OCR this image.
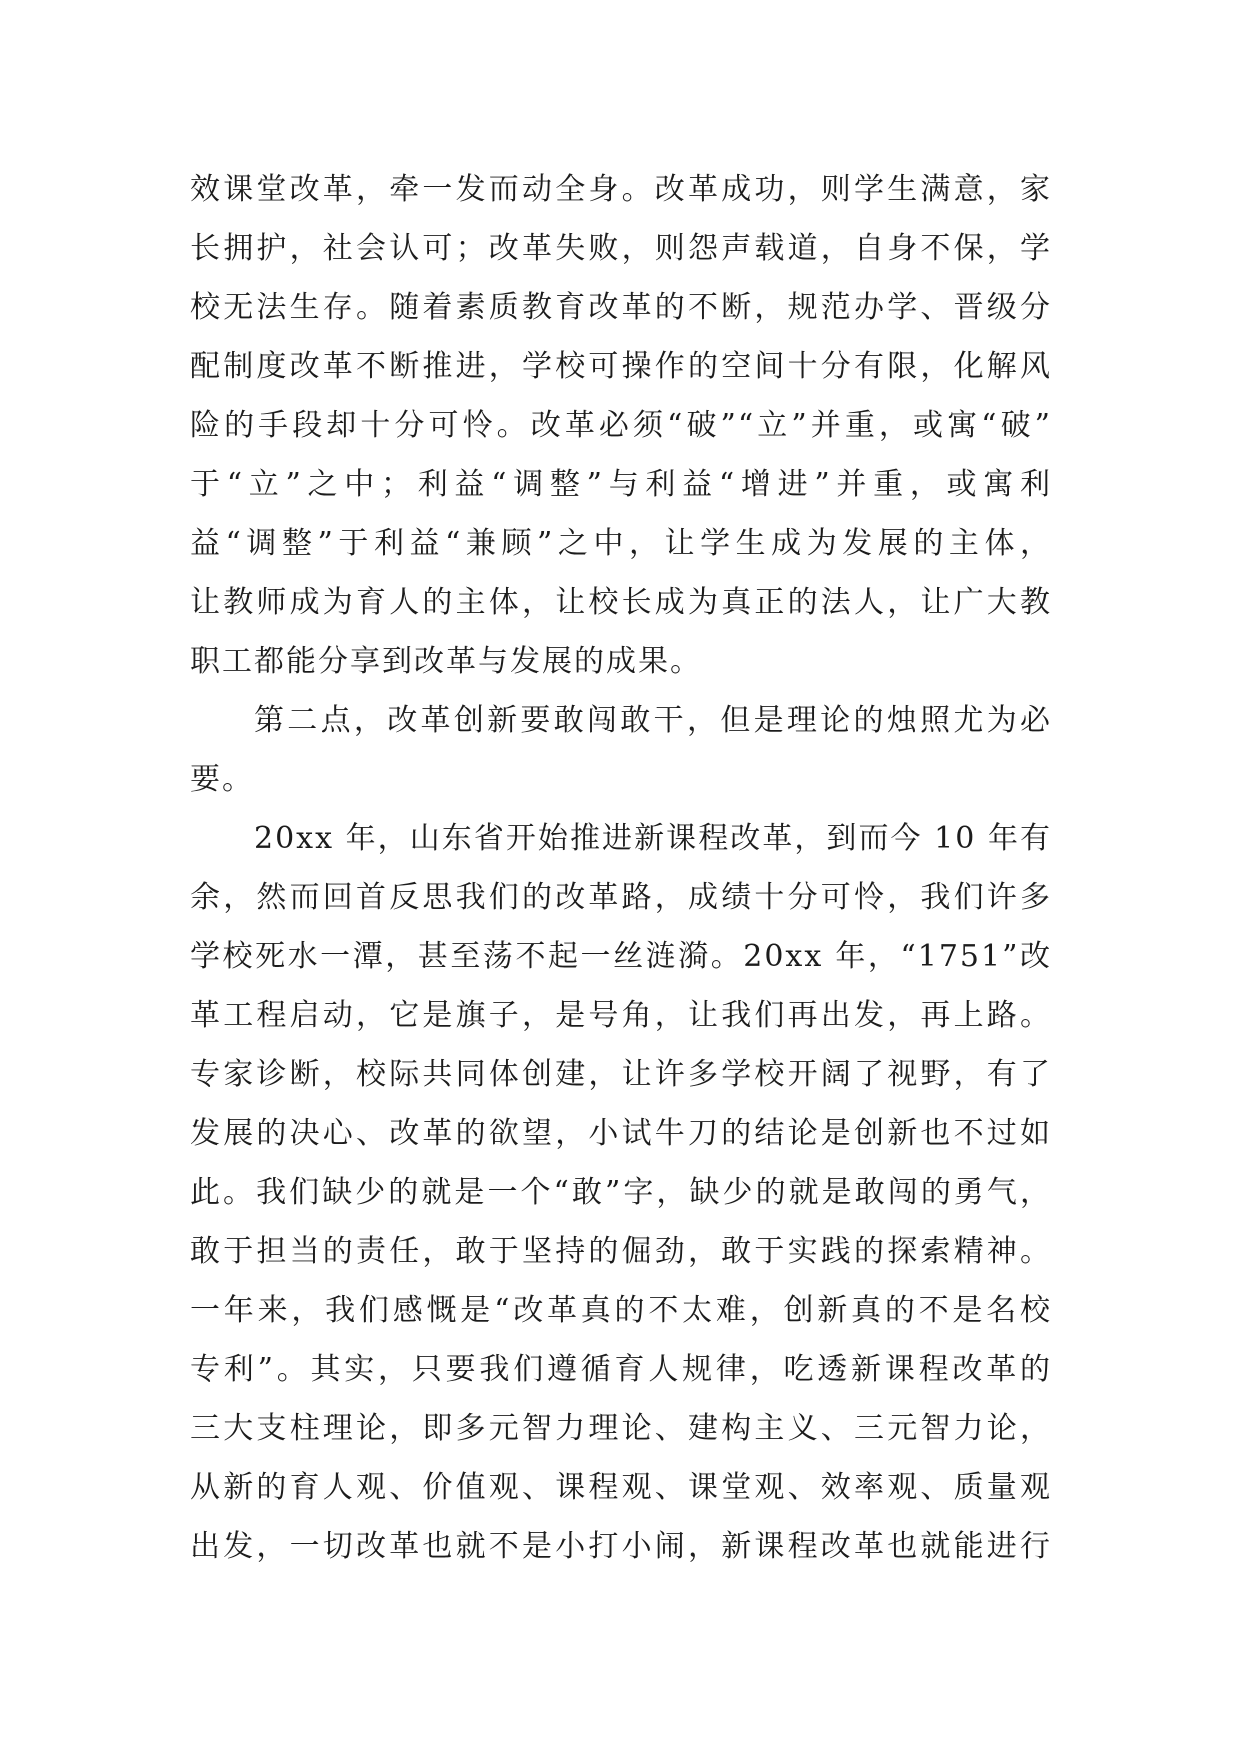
效课堂改革，牵一发而动全身。改革成功，则学生满意，家
长拥护，社会认可；改革失败，则怨声载道，自身不保，学
校无法生存。随着素质教育改革的不断，规范办学、晋级分
配制度改革不断推进，学校可操作的空间十分有限，化解风
险的手段却十分可怜。改革必须“破”“立”并重，或寓“破”
于“立”之中；利益“调整”与利益“增进”并重，或寓利
益“调整”于利益“兼顾”之中，让学生成为发展的主体，
让教师成为育人的主体，让校长成为真正的法人，让广大教
职工都能分享到改革与发展的成果。
第二点，改革创新要敢闯敢干，但是理论的烛照尤为必
要。
20xx 年，山东省开始推进新课程改革，到而今 10 年有
余，然而回首反思我们的改革路，成绩十分可怜，我们许多
学校死水一潭，甚至荡不起一丝涟漪。20xx 年，“1751”改
革工程启动，它是旗子，是号角，让我们再出发，再上路。
专家诊断，校际共同体创建，让许多学校开阔了视野，有了
发展的决心、改革的欲望，小试牛刀的结论是创新也不过如
此。我们缺少的就是一个“敢”字，缺少的就是敢闯的勇气，
敢于担当的责任，敢于坚持的倔劲，敢于实践的探索精神。
一年来，我们感慨是“改革真的不太难，创新真的不是名校
专利”。其实，只要我们遵循育人规律，吃透新课程改革的
三大支柱理论，即多元智力理论、建构主义、三元智力论，
从新的育人观、价值观、课程观、课堂观、效率观、质量观
出发，一切改革也就不是小打小闹，新课程改革也就能进行
